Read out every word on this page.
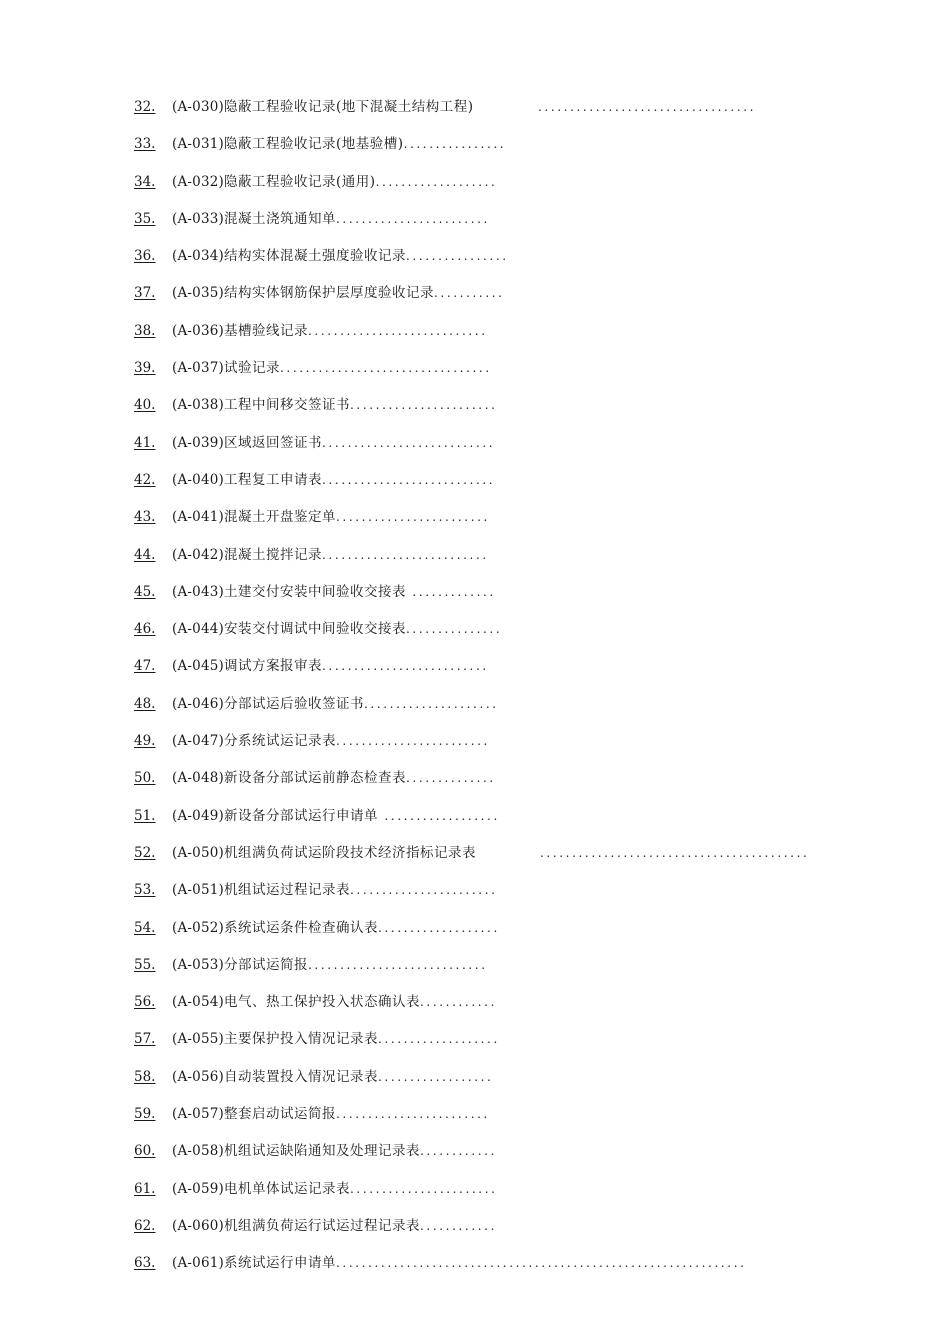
32.	(A-030)隐蔽工程验收记录(地下混凝土结构工程)	..................................
33.	(A-031)隐蔽工程验收记录(地基验槽)................
34.	(A-032)隐蔽工程验收记录(通用)...................
35.	(A-033)混凝土浇筑通知单........................
36.	(A-034)结构实体混凝土强度验收记录................
37.	(A-035)结构实体钢筋保护层厚度验收记录...........
38.	(A-036)基槽验线记录............................
39.	(A-037)试验记录.................................
40.	(A-038)工程中间移交签证书.......................
41.	(A-039)区域返回签证书...........................
42.	(A-040)工程复工申请表...........................
43.	(A-041)混凝土开盘鉴定单........................
44.	(A-042)混凝土搅拌记录..........................
45.	(A-043)土建交付安装中间验收交接表 .............
46.	(A-044)安装交付调试中间验收交接表...............
47.	(A-045)调试方案报审表..........................
48.	(A-046)分部试运后验收签证书.....................
49.	(A-047)分系统试运记录表........................
50.	(A-048)新设备分部试运前静态检查表..............
51.	(A-049)新设备分部试运行申请单 ..................
52.	(A-050)机组满负荷试运阶段技术经济指标记录表	..........................................
53.	(A-051)机组试运过程记录表.......................
54.	(A-052)系统试运条件检查确认表...................
55.	(A-053)分部试运简报............................
56.	(A-054)电气、热工保护投入状态确认表............
57.	(A-055)主要保护投入情况记录表...................
58.	(A-056)自动装置投入情况记录表..................
59.	(A-057)整套启动试运简报........................
60.	(A-058)机组试运缺陷通知及处理记录表............
61.	(A-059)电机单体试运记录表.......................
62.	(A-060)机组满负荷运行试运过程记录表............
63.	(A-061)系统试运行申请单................................................................
